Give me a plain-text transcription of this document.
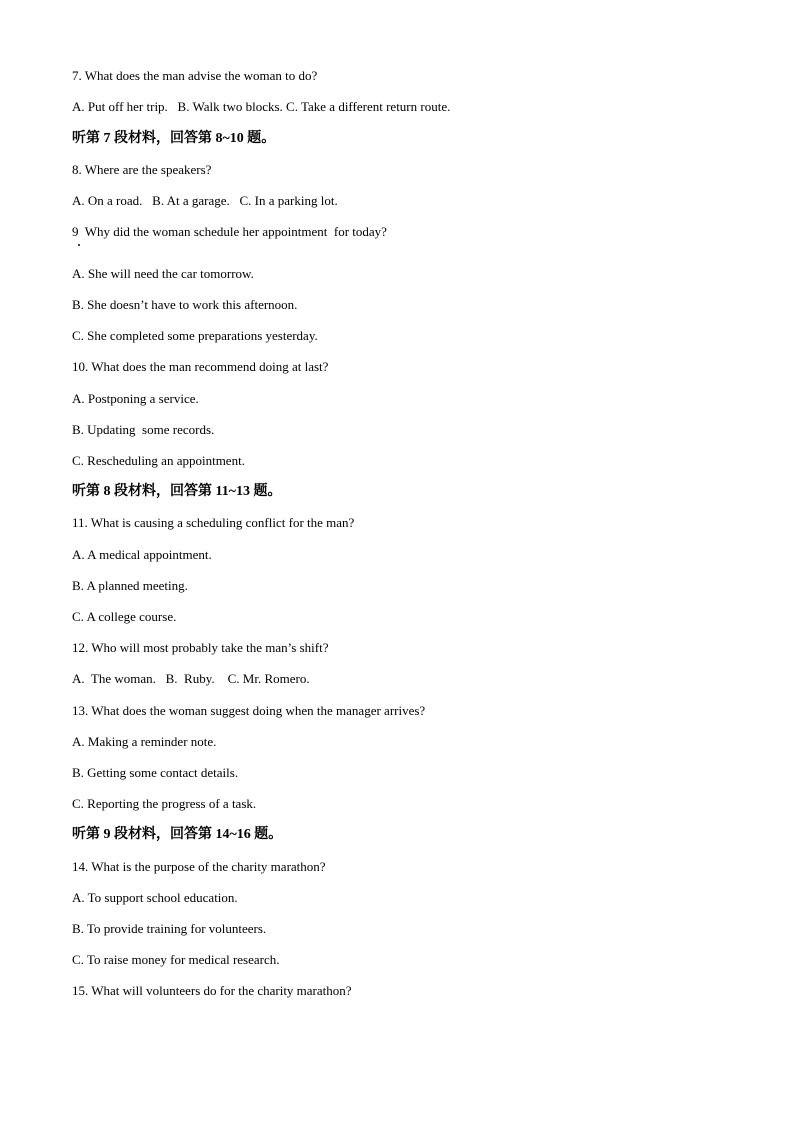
7. What does the man advise the woman to do?
A. Put off her trip.   B. Walk two blocks. C. Take a different return route.
听第 7 段材料，回答第 8~10 题。
8. Where are the speakers?
A. On a road.   B. At a garage.   C. In a parking lot.
9  Why did the woman schedule her appointment  for today?
A. She will need the car tomorrow.
B. She doesn’t have to work this afternoon.
C. She completed some preparations yesterday.
10. What does the man recommend doing at last?
A. Postponing a service.
B. Updating  some records.
C. Rescheduling an appointment.
听第 8 段材料，回答第 11~13 题。
11. What is causing a scheduling conflict for the man?
A. A medical appointment.
B. A planned meeting.
C. A college course.
12. Who will most probably take the man’s shift?
A.  The woman.   B.  Ruby.    C. Mr. Romero.
13. What does the woman suggest doing when the manager arrives?
A. Making a reminder note.
B. Getting some contact details.
C. Reporting the progress of a task.
听第 9 段材料，回答第 14~16 题。
14. What is the purpose of the charity marathon?
A. To support school education.
B. To provide training for volunteers.
C. To raise money for medical research.
15. What will volunteers do for the charity marathon?
